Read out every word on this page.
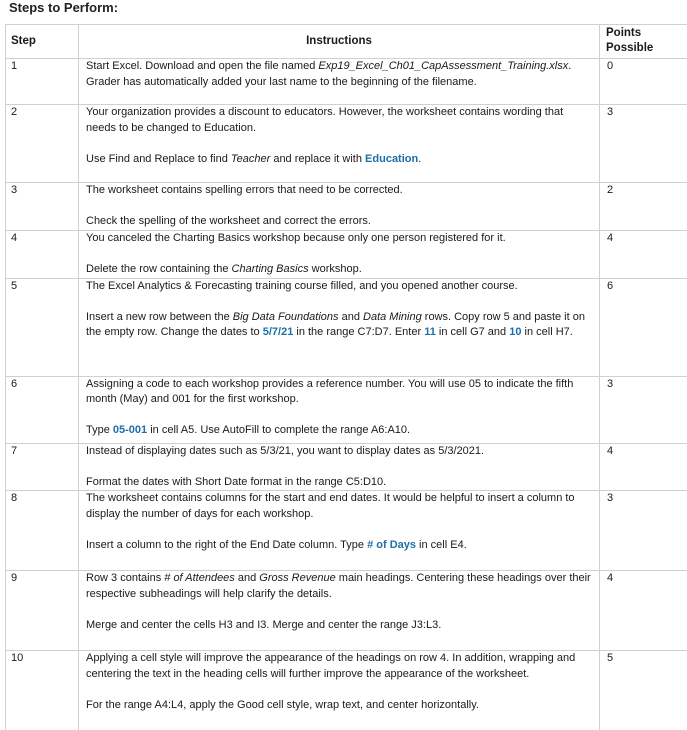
Steps to Perform:
Step	Instructions	Points Possible
1	Start Excel. Download and open the file named Exp19_Excel_Ch01_CapAssessment_Training.xlsx. Grader has automatically added your last name to the beginning of the filename.	0
2	Your organization provides a discount to educators. However, the worksheet contains wording that needs to be changed to Education.

Use Find and Replace to find Teacher and replace it with Education.	3
3	The worksheet contains spelling errors that need to be corrected.

Check the spelling of the worksheet and correct the errors.	2
4	You canceled the Charting Basics workshop because only one person registered for it.

Delete the row containing the Charting Basics workshop.	4
5	The Excel Analytics & Forecasting training course filled, and you opened another course.

Insert a new row between the Big Data Foundations and Data Mining rows. Copy row 5 and paste it on the empty row. Change the dates to 5/7/21 in the range C7:D7. Enter 11 in cell G7 and 10 in cell H7.	6
6	Assigning a code to each workshop provides a reference number. You will use 05 to indicate the fifth month (May) and 001 for the first workshop.

Type 05-001 in cell A5. Use AutoFill to complete the range A6:A10.	3
7	Instead of displaying dates such as 5/3/21, you want to display dates as 5/3/2021.

Format the dates with Short Date format in the range C5:D10.	4
8	The worksheet contains columns for the start and end dates. It would be helpful to insert a column to display the number of days for each workshop.

Insert a column to the right of the End Date column. Type # of Days in cell E4.	3
9	Row 3 contains # of Attendees and Gross Revenue main headings. Centering these headings over their respective subheadings will help clarify the details.

Merge and center the cells H3 and I3. Merge and center the range J3:L3.	4
10	Applying a cell style will improve the appearance of the headings on row 4. In addition, wrapping and centering the text in the heading cells will further improve the appearance of the worksheet.

For the range A4:L4, apply the Good cell style, wrap text, and center horizontally.	5
